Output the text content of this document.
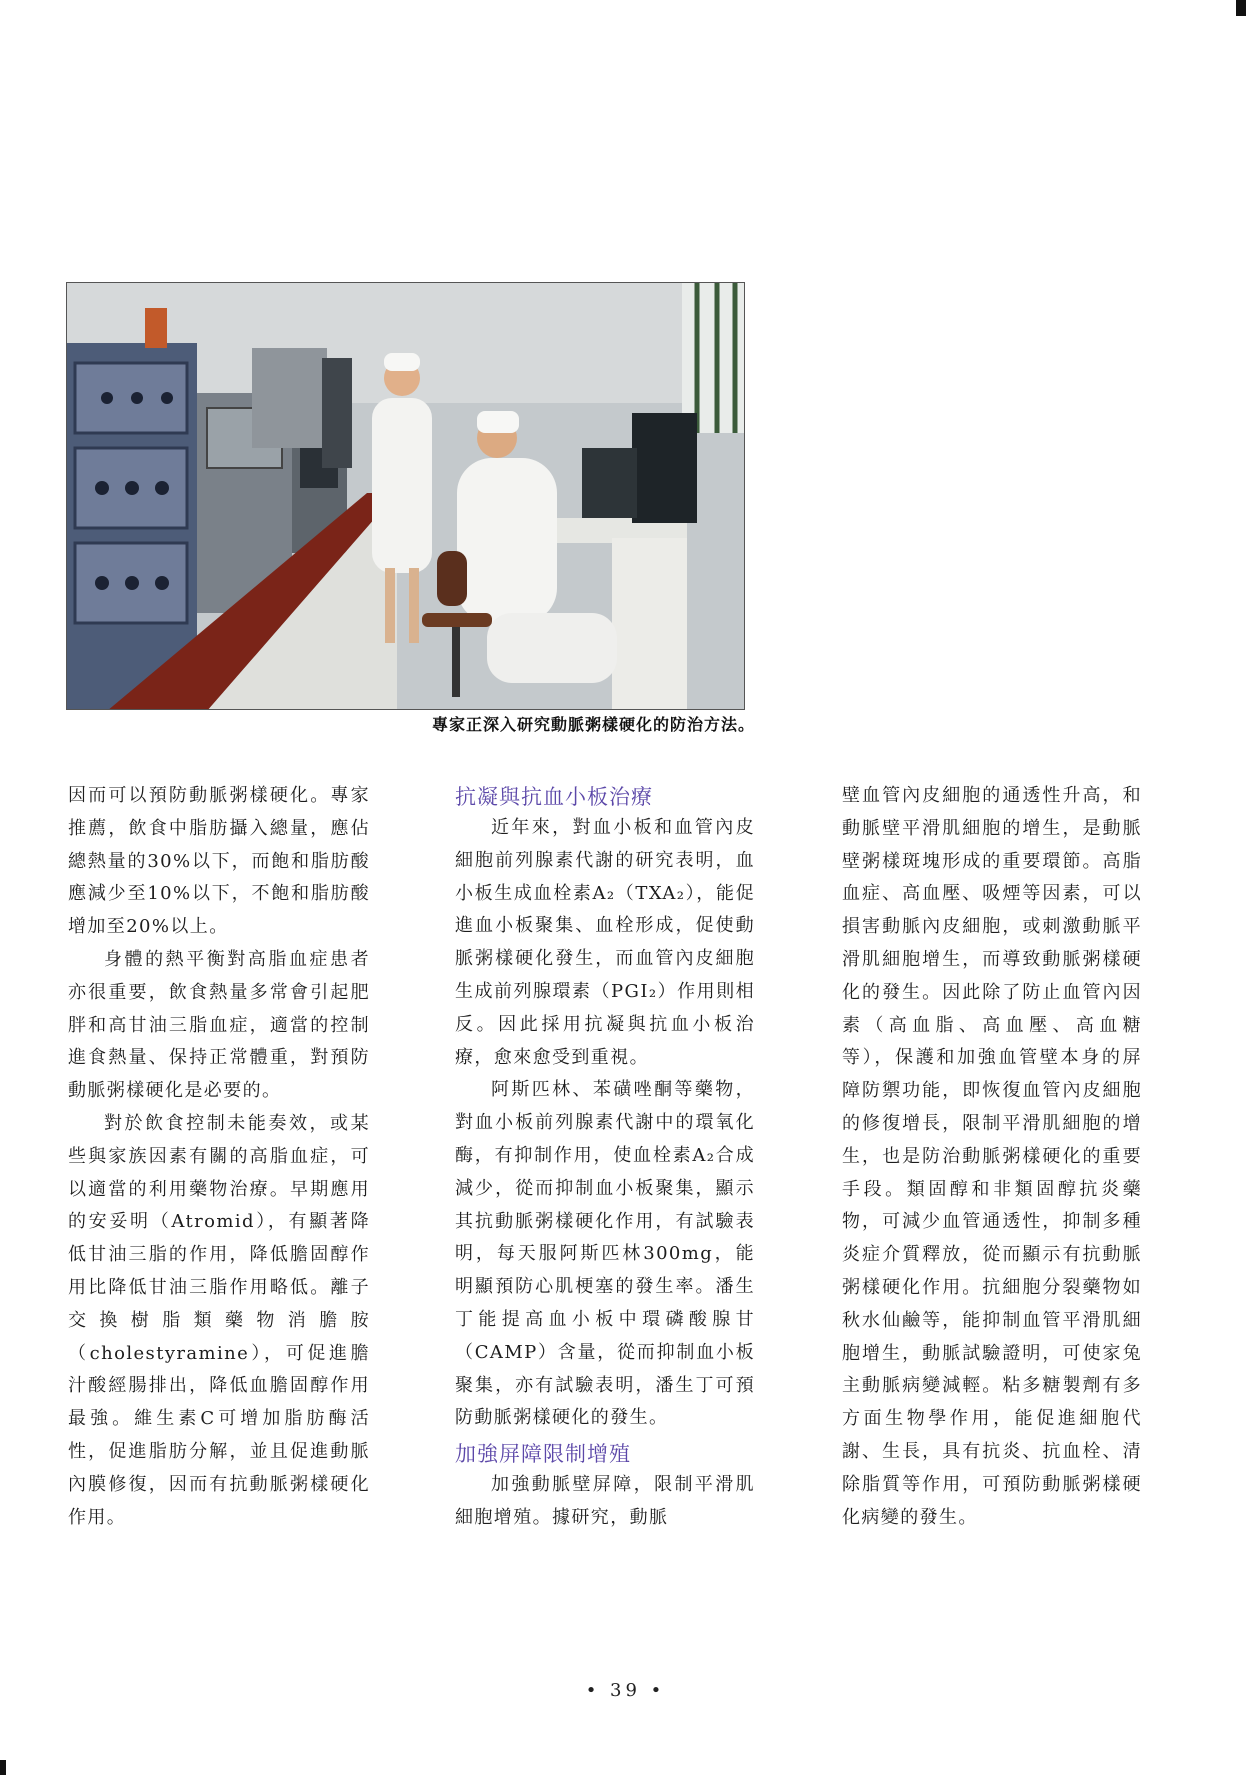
專家正深入研究動脈粥樣硬化的防治方法。

因而可以預防動脈粥樣硬化。專家推薦，飲食中脂肪攝入總量，應佔總熱量的30%以下，而飽和脂肪酸應減少至10%以下，不飽和脂肪酸增加至20%以上。

身體的熱平衡對高脂血症患者亦很重要，飲食熱量多常會引起肥胖和高甘油三脂血症，適當的控制進食熱量、保持正常體重，對預防動脈粥樣硬化是必要的。

對於飲食控制未能奏效，或某些與家族因素有關的高脂血症，可以適當的利用藥物治療。早期應用的安妥明（Atromid），有顯著降低甘油三脂的作用，降低膽固醇作用比降低甘油三脂作用略低。離子交換樹脂類藥物消膽胺（cholestyramine），可促進膽汁酸經腸排出，降低血膽固醇作用最強。維生素C可增加脂肪酶活性，促進脂肪分解，並且促進動脈內膜修復，因而有抗動脈粥樣硬化作用。

抗凝與抗血小板治療

近年來，對血小板和血管內皮細胞前列腺素代謝的研究表明，血小板生成血栓素A₂（TXA₂），能促進血小板聚集、血栓形成，促使動脈粥樣硬化發生，而血管內皮細胞生成前列腺環素（PGI₂）作用則相反。因此採用抗凝與抗血小板治療，愈來愈受到重視。

阿斯匹林、苯磺唑酮等藥物，對血小板前列腺素代謝中的環氧化酶，有抑制作用，使血栓素A₂合成減少，從而抑制血小板聚集，顯示其抗動脈粥樣硬化作用，有試驗表明，每天服阿斯匹林300mg，能明顯預防心肌梗塞的發生率。潘生丁能提高血小板中環磷酸腺甘（CAMP）含量，從而抑制血小板聚集，亦有試驗表明，潘生丁可預防動脈粥樣硬化的發生。

加強屏障限制增殖

加強動脈壁屏障，限制平滑肌細胞增殖。據研究，動脈

壁血管內皮細胞的通透性升高，和動脈壁平滑肌細胞的增生，是動脈壁粥樣斑塊形成的重要環節。高脂血症、高血壓、吸煙等因素，可以損害動脈內皮細胞，或刺激動脈平滑肌細胞增生，而導致動脈粥樣硬化的發生。因此除了防止血管內因素（高血脂、高血壓、高血糖等），保護和加強血管壁本身的屏障防禦功能，即恢復血管內皮細胞的修復增長，限制平滑肌細胞的增生，也是防治動脈粥樣硬化的重要手段。類固醇和非類固醇抗炎藥物，可減少血管通透性，抑制多種炎症介質釋放，從而顯示有抗動脈粥樣硬化作用。抗細胞分裂藥物如秋水仙鹼等，能抑制血管平滑肌細胞增生，動脈試驗證明，可使家兔主動脈病變減輕。粘多糖製劑有多方面生物學作用，能促進細胞代謝、生長，具有抗炎、抗血栓、清除脂質等作用，可預防動脈粥樣硬化病變的發生。

• 39 •
